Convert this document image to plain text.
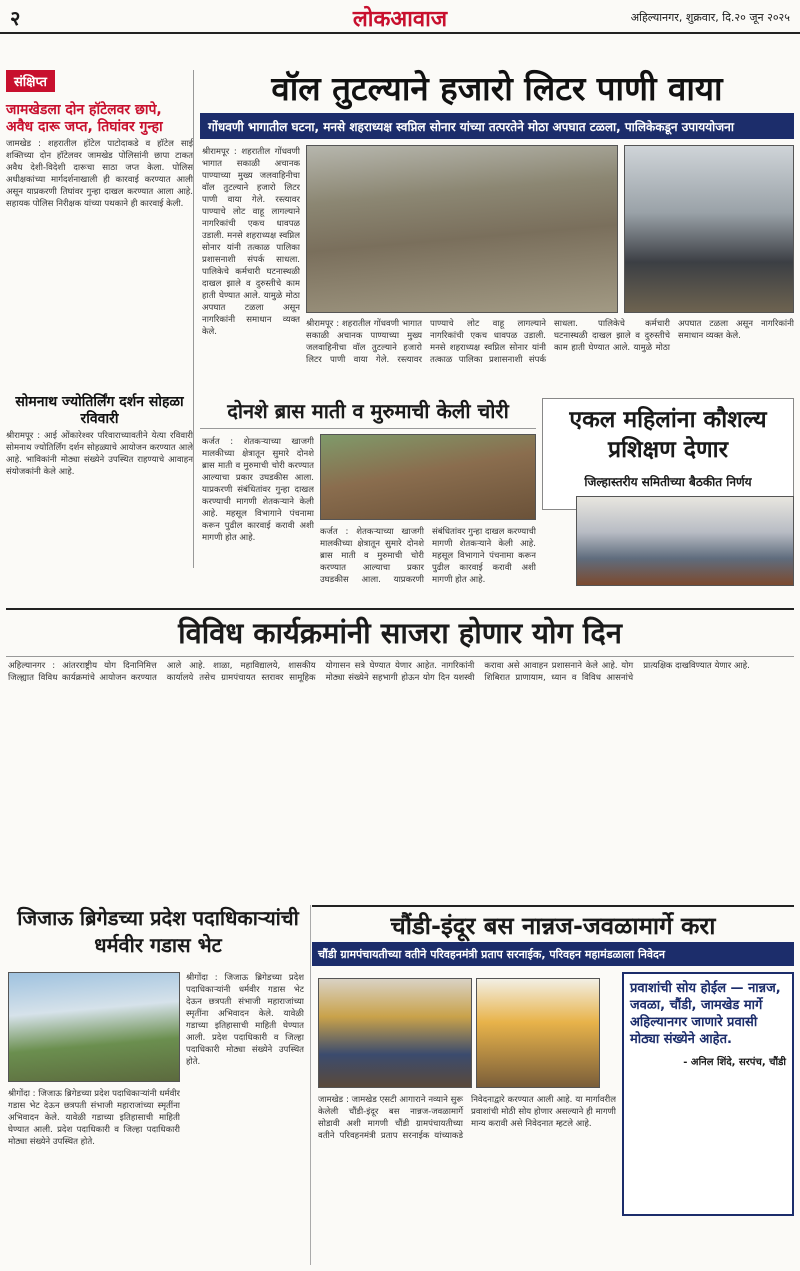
२	लोकआवाज	अहिल्यानगर, शुक्रवार, दि.२० जून २०२५
संक्षिप्त
जामखेडला दोन हॉटेलवर छापे, अवैध दारू जप्त, तिघांवर गुन्हा
जामखेड : शहरातील हॉटेल पाटोदाकडे व हॉटेल साई शक्तिच्या दोन हॉटेलवर जामखेड पोलिसांनी छापा टाकत अवैध देशी-विदेशी दारूचा साठा जप्त केला. पोलिस अधीक्षकांच्या मार्गदर्शनाखाली ही कारवाई करण्यात आली असून याप्रकरणी तिघांवर गुन्हा दाखल करण्यात आला आहे. सहायक पोलिस निरीक्षक यांच्या पथकाने ही कारवाई केली.
सोमनाथ ज्योतिर्लिंग दर्शन सोहळा रविवारी
श्रीरामपूर : आई ओंकारेश्वर परिवाराच्यावतीने येत्या रविवारी सोमनाथ ज्योतिर्लिंग दर्शन सोहळ्याचे आयोजन करण्यात आले आहे. भाविकांनी मोठ्या संख्येने उपस्थित राहण्याचे आवाहन संयोजकांनी केले आहे.
वॉल तुटल्याने हजारो लिटर पाणी वाया
गोंधवणी भागातील घटना, मनसे शहराध्यक्ष स्वप्निल सोनार यांच्या तत्परतेने मोठा अपघात टळला, पालिकेकडून उपाययोजना
श्रीरामपूर : शहरातील गोंधवणी भागात सकाळी अचानक पाण्याच्या मुख्य जलवाहिनीचा वॉल तुटल्याने हजारो लिटर पाणी वाया गेले. रस्त्यावर पाण्याचे लोट वाहू लागल्याने नागरिकांची एकच धावपळ उडाली. मनसे शहराध्यक्ष स्वप्निल सोनार यांनी तत्काळ पालिका प्रशासनाशी संपर्क साधला. पालिकेचे कर्मचारी घटनास्थळी दाखल झाले व दुरुस्तीचे काम हाती घेण्यात आले. यामुळे मोठा अपघात टळला असून नागरिकांनी समाधान व्यक्त केले.
श्रीरामपूर : शहरातील गोंधवणी भागात सकाळी अचानक पाण्याच्या मुख्य जलवाहिनीचा वॉल तुटल्याने हजारो लिटर पाणी वाया गेले. रस्त्यावर पाण्याचे लोट वाहू लागल्याने नागरिकांची एकच धावपळ उडाली. मनसे शहराध्यक्ष स्वप्निल सोनार यांनी तत्काळ पालिका प्रशासनाशी संपर्क साधला. पालिकेचे कर्मचारी घटनास्थळी दाखल झाले व दुरुस्तीचे काम हाती घेण्यात आले. यामुळे मोठा अपघात टळला असून नागरिकांनी समाधान व्यक्त केले.
दोनशे ब्रास माती व मुरुमाची केली चोरी
कर्जत : शेतकऱ्याच्या खाजगी मालकीच्या क्षेत्रातून सुमारे दोनशे ब्रास माती व मुरुमाची चोरी करण्यात आल्याचा प्रकार उघडकीस आला. याप्रकरणी संबंधितांवर गुन्हा दाखल करण्याची मागणी शेतकऱ्याने केली आहे. महसूल विभागाने पंचनामा करून पुढील कारवाई करावी अशी मागणी होत आहे.
कर्जत : शेतकऱ्याच्या खाजगी मालकीच्या क्षेत्रातून सुमारे दोनशे ब्रास माती व मुरुमाची चोरी करण्यात आल्याचा प्रकार उघडकीस आला. याप्रकरणी संबंधितांवर गुन्हा दाखल करण्याची मागणी शेतकऱ्याने केली आहे. महसूल विभागाने पंचनामा करून पुढील कारवाई करावी अशी मागणी होत आहे.
एकल महिलांना कौशल्य प्रशिक्षण देणार
जिल्हास्तरीय समितीच्या बैठकीत निर्णय
विविध कार्यक्रमांनी साजरा होणार योग दिन
अहिल्यानगर : आंतरराष्ट्रीय योग दिनानिमित्त जिल्ह्यात विविध कार्यक्रमांचे आयोजन करण्यात आले आहे. शाळा, महाविद्यालये, शासकीय कार्यालये तसेच ग्रामपंचायत स्तरावर सामूहिक योगासन सत्रे घेण्यात येणार आहेत. नागरिकांनी मोठ्या संख्येने सहभागी होऊन योग दिन यशस्वी करावा असे आवाहन प्रशासनाने केले आहे. योग शिबिरात प्राणायाम, ध्यान व विविध आसनांचे प्रात्यक्षिक दाखविण्यात येणार आहे.
जिजाऊ ब्रिगेडच्या प्रदेश पदाधिकाऱ्यांची धर्मवीर गडास भेट
श्रीगोंदा : जिजाऊ ब्रिगेडच्या प्रदेश पदाधिकाऱ्यांनी धर्मवीर गडास भेट देऊन छत्रपती संभाजी महाराजांच्या स्मृतींना अभिवादन केले. यावेळी गडाच्या इतिहासाची माहिती घेण्यात आली. प्रदेश पदाधिकारी व जिल्हा पदाधिकारी मोठ्या संख्येने उपस्थित होते.
श्रीगोंदा : जिजाऊ ब्रिगेडच्या प्रदेश पदाधिकाऱ्यांनी धर्मवीर गडास भेट देऊन छत्रपती संभाजी महाराजांच्या स्मृतींना अभिवादन केले. यावेळी गडाच्या इतिहासाची माहिती घेण्यात आली. प्रदेश पदाधिकारी व जिल्हा पदाधिकारी मोठ्या संख्येने उपस्थित होते.
चौंडी-इंदूर बस नान्नज-जवळामार्गे करा
चौंडी ग्रामपंचायतीच्या वतीने परिवहनमंत्री प्रताप सरनाईक, परिवहन महामंडळाला निवेदन
जामखेड : जामखेड एसटी आगाराने नव्याने सुरू केलेली चौंडी-इंदूर बस नान्नज-जवळामार्गे सोडावी अशी मागणी चौंडी ग्रामपंचायतीच्या वतीने परिवहनमंत्री प्रताप सरनाईक यांच्याकडे निवेदनाद्वारे करण्यात आली आहे. या मार्गावरील प्रवाशांची मोठी सोय होणार असल्याने ही मागणी मान्य करावी असे निवेदनात म्हटले आहे.
प्रवाशांची सोय होईल — नान्नज, जवळा, चौंडी, जामखेड मार्गे अहिल्यानगर जाणारे प्रवासी मोठ्या संख्येने आहेत.
- अनिल शिंदे, सरपंच, चौंडी
